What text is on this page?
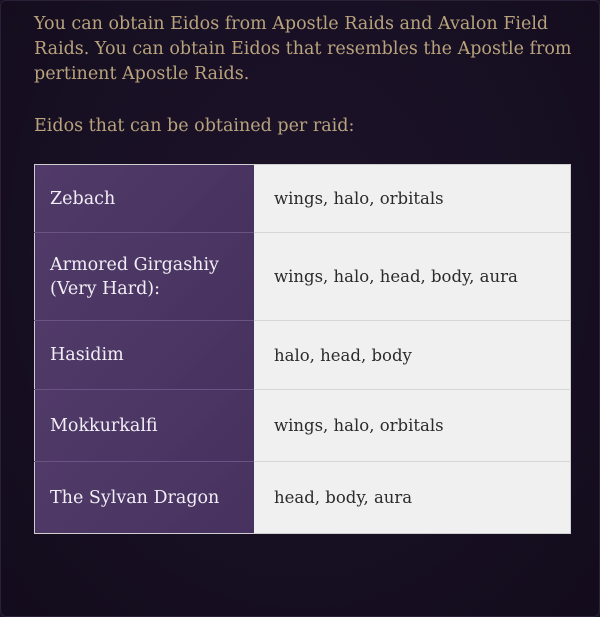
You can obtain Eidos from Apostle Raids and Avalon Field Raids. You can obtain Eidos that resembles the Apostle from pertinent Apostle Raids.

Eidos that can be obtained per raid:

Zebach	wings, halo, orbitals
Armored Girgashiy (Very Hard):	wings, halo, head, body, aura
Hasidim	halo, head, body
Mokkurkalfi	wings, halo, orbitals
The Sylvan Dragon	head, body, aura
